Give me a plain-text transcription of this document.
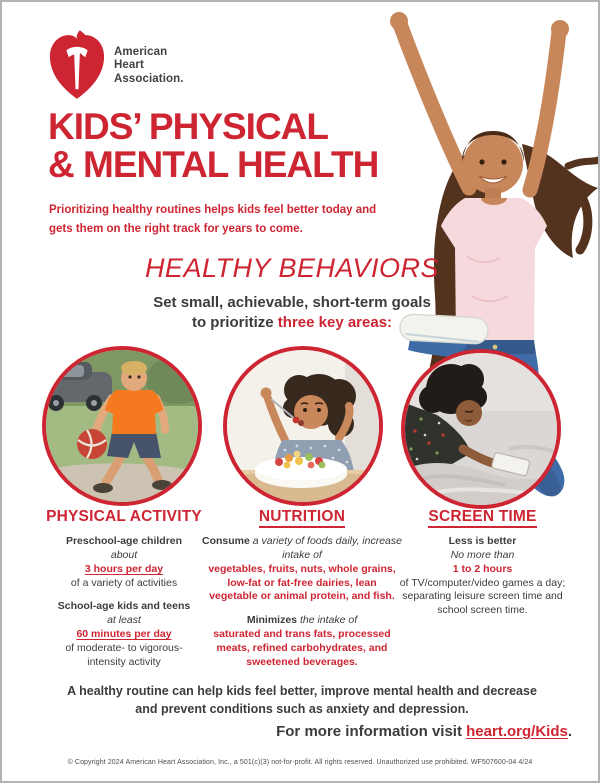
American
Heart
Association.
KIDS’ PHYSICAL
& MENTAL HEALTH
Prioritizing healthy routines helps kids feel better today and
gets them on the right track for years to come.
HEALTHY BEHAVIORS
Set small, achievable, short-term goals
to prioritize three key areas:
PHYSICAL ACTIVITY

Preschool-age children
about
3 hours per day
of a variety of activities

School-age kids and teens
at least
60 minutes per day
of moderate- to vigorous-
intensity activity

NUTRITION

Consume a variety of foods daily, increase intake of
vegetables, fruits, nuts, whole grains, low-fat or fat-free dairies, lean vegetable or animal protein, and fish.

Minimizes the intake of
saturated and trans fats, processed meats, refined carbohydrates, and sweetened beverages.

SCREEN TIME

Less is better
No more than
1 to 2 hours
of TV/computer/video games a day; separating leisure screen time and school screen time.

A healthy routine can help kids feel better, improve mental health and decrease
and prevent conditions such as anxiety and depression.
For more information visit heart.org/Kids.
© Copyright 2024 American Heart Association, Inc., a 501(c)(3) not-for-profit. All rights reserved. Unauthorized use prohibited. WF507600-04 4/24
